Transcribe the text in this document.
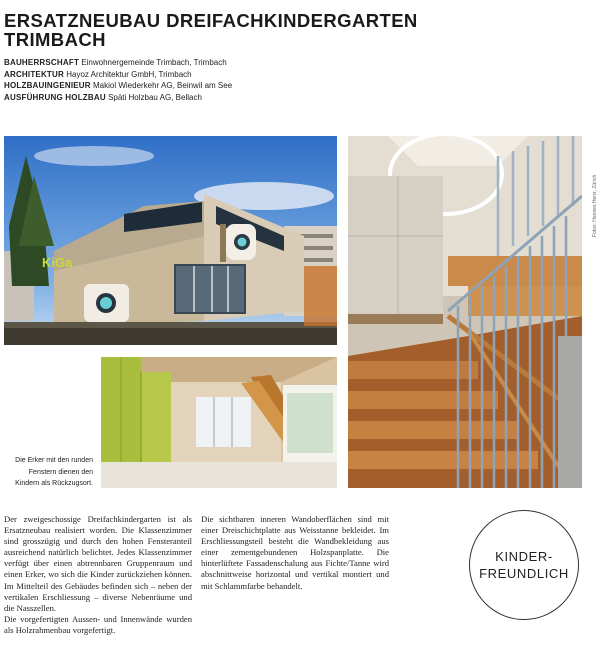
ERSATZNEUBAU DREIFACHKINDERGARTEN
TRIMBACH
BAUHERRSCHAFT Einwohnergemeinde Trimbach, Trimbach
ARCHITEKTUR Hayoz Architektur GmbH, Trimbach
HOLZBAUINGENIEUR Makiol Wiederkehr AG, Beinwil am See
AUSFÜHRUNG HOLZBAU Späti Holzbau AG, Bellach
KiGa
Fotos: Hannes Henz, Zürich
Die Erker mit den runden
Fenstern dienen den
Kindern als Rückzugsort.

Der zweigeschossige Dreifachkindergarten ist als Ersatzneubau realisiert worden. Die Klassenzimmer sind grosszügig und durch den hohen Fensteranteil ausreichend natürlich belichtet. Jedes Klassenzimmer verfügt über einen abtrennbaren Gruppenraum und einen Erker, wo sich die Kinder zurückziehen können. Im Mittelteil des Gebäudes befinden sich – neben der vertikalen Erschliessung – diverse Nebenräume und die Nasszellen.

Die vorgefertigten Aussen- und Innenwände wurden als Holzrahmenbau vorgefertigt.

Die sichtbaren inneren Wandoberflächen sind mit einer Dreischichtplatte aus Weisstanne bekleidet. Im Erschliessungsteil besteht die Wandbekleidung aus einer zementgebundenen Holzspanplatte. Die hinterlüftete Fassadenschalung aus Fichte/Tanne wird abschnittweise horizontal und vertikal montiert und mit Schlammfarbe behandelt.

KINDER-
FREUNDLICH
